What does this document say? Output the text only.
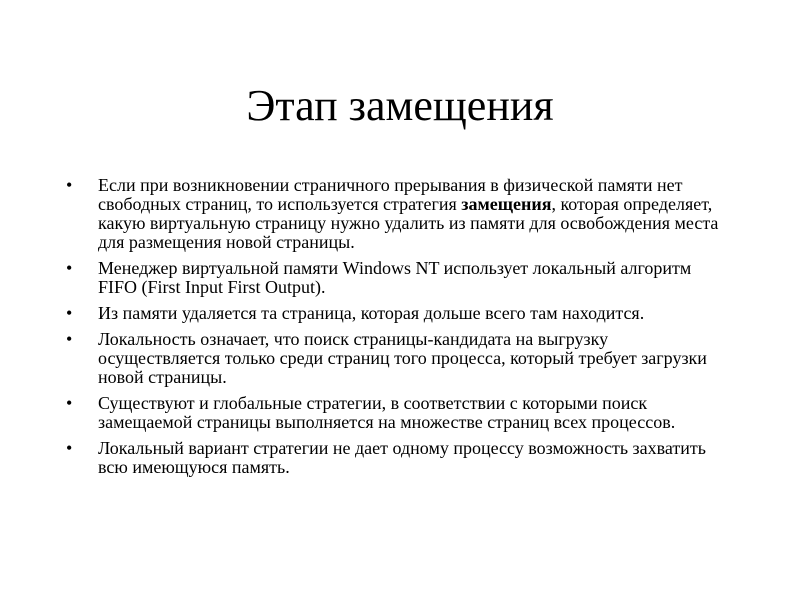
Этап замещения
•	Если при возникновении страничного прерывания в физической памяти нет свободных страниц, то используется стратегия замещения, которая определяет, какую виртуальную страницу нужно удалить из памяти для освобождения места для размещения новой страницы.
•	Менеджер виртуальной памяти Windows NT использует локальный алгоритм FIFO (First Input First Output).
•	Из памяти удаляется та страница, которая дольше всего там находится.
•	Локальность означает, что поиск страницы-кандидата на выгрузку осуществляется только среди страниц того процесса, который требует загрузки новой страницы.
•	Существуют и глобальные стратегии, в соответствии с которыми поиск замещаемой страницы выполняется на множестве страниц всех процессов.
•	Локальный вариант стратегии не дает одному процессу возможность захватить всю имеющуюся память.
